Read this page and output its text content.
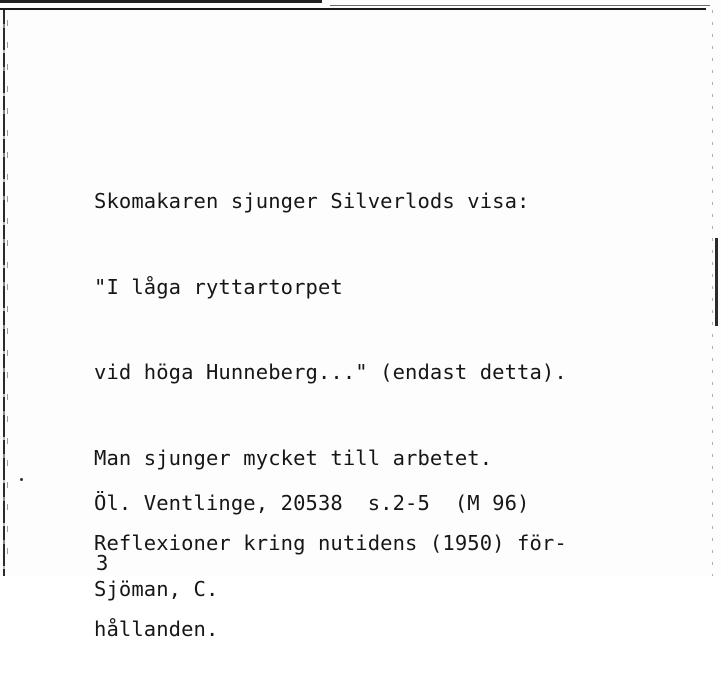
Skomakaren sjunger Silverlods visa:

"I låga ryttartorpet

vid höga Hunneberg..." (endast detta).

Man sjunger mycket till arbetet.

Reflexioner kring nutidens (1950) för-

hållanden.

Öl. Ventlinge, 20538  s.2-5  (M 96)

Sjöman, C.

3
